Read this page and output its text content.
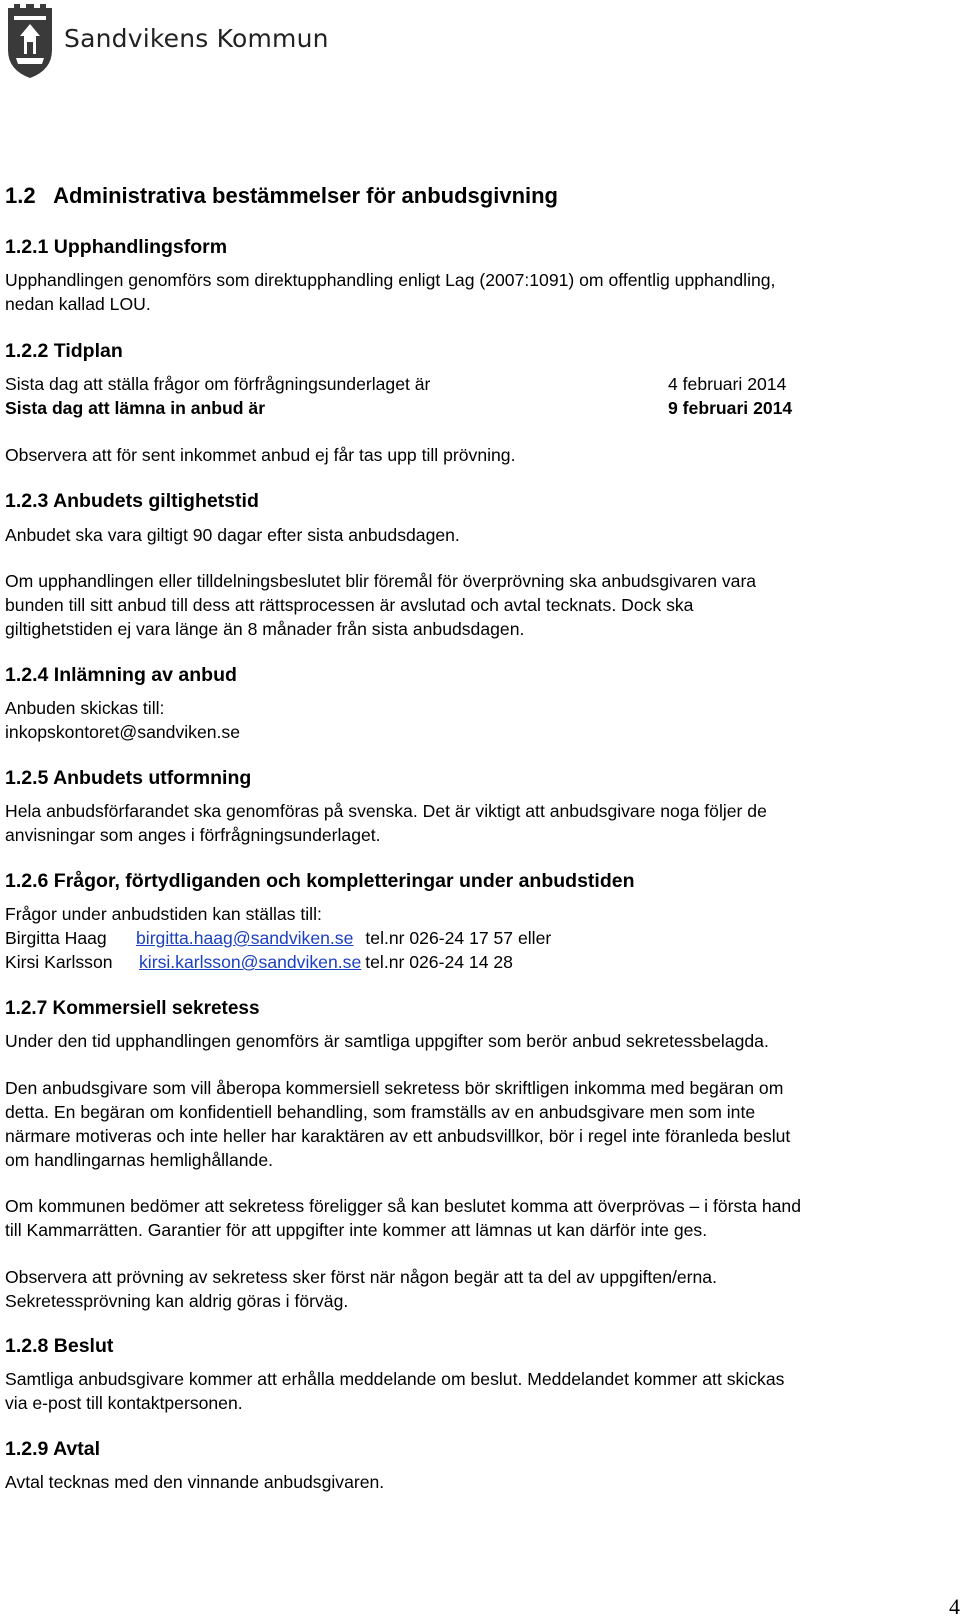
Sandvikens Kommun
1.2   Administrativa bestämmelser för anbudsgivning
1.2.1 Upphandlingsform
Upphandlingen genomförs som direktupphandling enligt Lag (2007:1091) om offentlig upphandling,
nedan kallad LOU.
1.2.2 Tidplan
Sista dag att ställa frågor om förfrågningsunderlaget är	4 februari 2014
Sista dag att lämna in anbud är	9 februari 2014
Observera att för sent inkommet anbud ej får tas upp till prövning.
1.2.3 Anbudets giltighetstid
Anbudet ska vara giltigt 90 dagar efter sista anbudsdagen.
Om upphandlingen eller tilldelningsbeslutet blir föremål för överprövning ska anbudsgivaren vara
bunden till sitt anbud till dess att rättsprocessen är avslutad och avtal tecknats. Dock ska
giltighetstiden ej vara länge än 8 månader från sista anbudsdagen.
1.2.4 Inlämning av anbud
Anbuden skickas till:
inkopskontoret@sandviken.se
1.2.5 Anbudets utformning
Hela anbudsförfarandet ska genomföras på svenska. Det är viktigt att anbudsgivare noga följer de
anvisningar som anges i förfrågningsunderlaget.
1.2.6 Frågor, förtydliganden och kompletteringar under anbudstiden
Frågor under anbudstiden kan ställas till:
Birgitta Haag birgitta.haag@sandviken.se tel.nr 026-24 17 57 eller
Kirsi Karlsson kirsi.karlsson@sandviken.se tel.nr 026-24 14 28
1.2.7 Kommersiell sekretess
Under den tid upphandlingen genomförs är samtliga uppgifter som berör anbud sekretessbelagda.
Den anbudsgivare som vill åberopa kommersiell sekretess bör skriftligen inkomma med begäran om
detta. En begäran om konfidentiell behandling, som framställs av en anbudsgivare men som inte
närmare motiveras och inte heller har karaktären av ett anbudsvillkor, bör i regel inte föranleda beslut
om handlingarnas hemlighållande.
Om kommunen bedömer att sekretess föreligger så kan beslutet komma att överprövas – i första hand
till Kammarrätten. Garantier för att uppgifter inte kommer att lämnas ut kan därför inte ges.
Observera att prövning av sekretess sker först när någon begär att ta del av uppgiften/erna.
Sekretessprövning kan aldrig göras i förväg.
1.2.8 Beslut
Samtliga anbudsgivare kommer att erhålla meddelande om beslut. Meddelandet kommer att skickas
via e-post till kontaktpersonen.
1.2.9 Avtal
Avtal tecknas med den vinnande anbudsgivaren.
4
